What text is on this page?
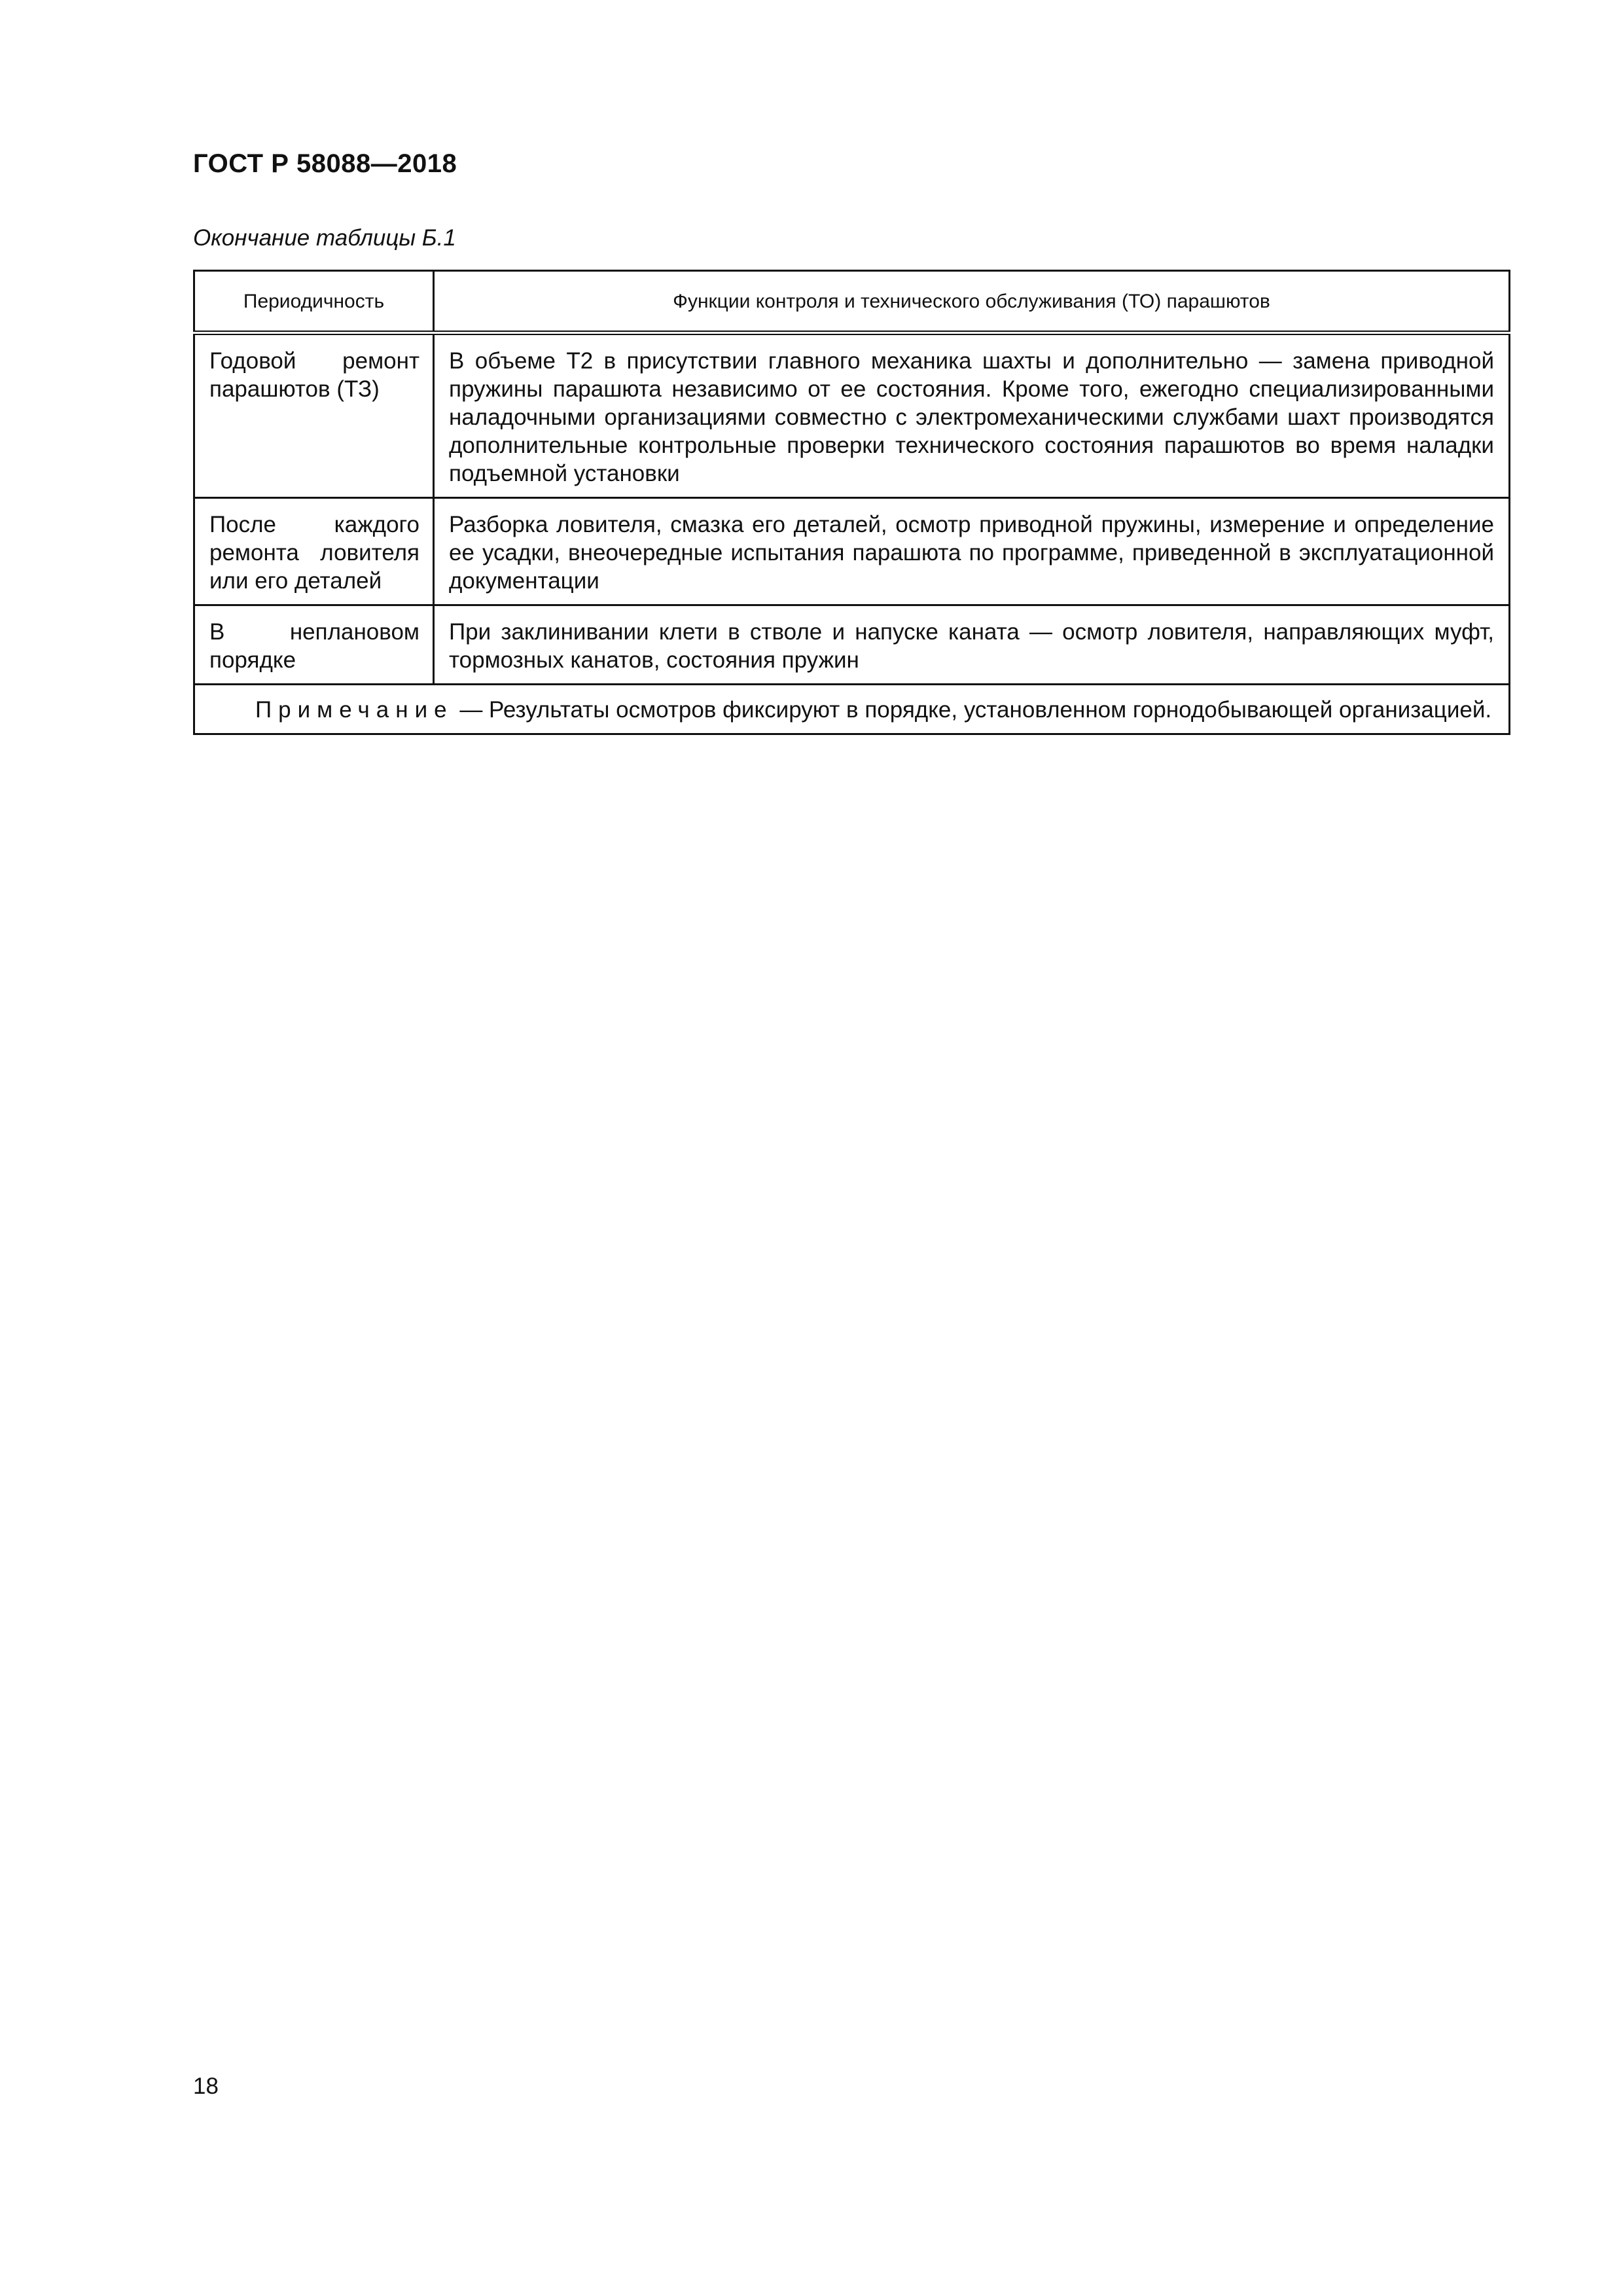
ГОСТ Р 58088—2018
Окончание таблицы Б.1
Периодичность	Функции контроля и технического обслуживания (ТО) парашютов
Годовой ремонт парашютов (ТЗ)	В объеме Т2 в присутствии главного механика шахты и дополнительно — замена приводной пружины парашюта независимо от ее состояния. Кроме того, ежегодно специализированными наладочными организациями совместно с электромеханическими службами шахт производятся дополнительные контрольные проверки технического состояния парашютов во время наладки подъемной установки
После каждого ремонта ловителя или его деталей	Разборка ловителя, смазка его деталей, осмотр приводной пружины, измерение и определение ее усадки, внеочередные испытания парашюта по программе, приведенной в эксплуатационной документации
В неплановом порядке	При заклинивании клети в стволе и напуске каната — осмотр ловителя, направляющих муфт, тормозных канатов, состояния пружин
Примечание — Результаты осмотров фиксируют в порядке, установленном горнодобывающей организацией.	
18
